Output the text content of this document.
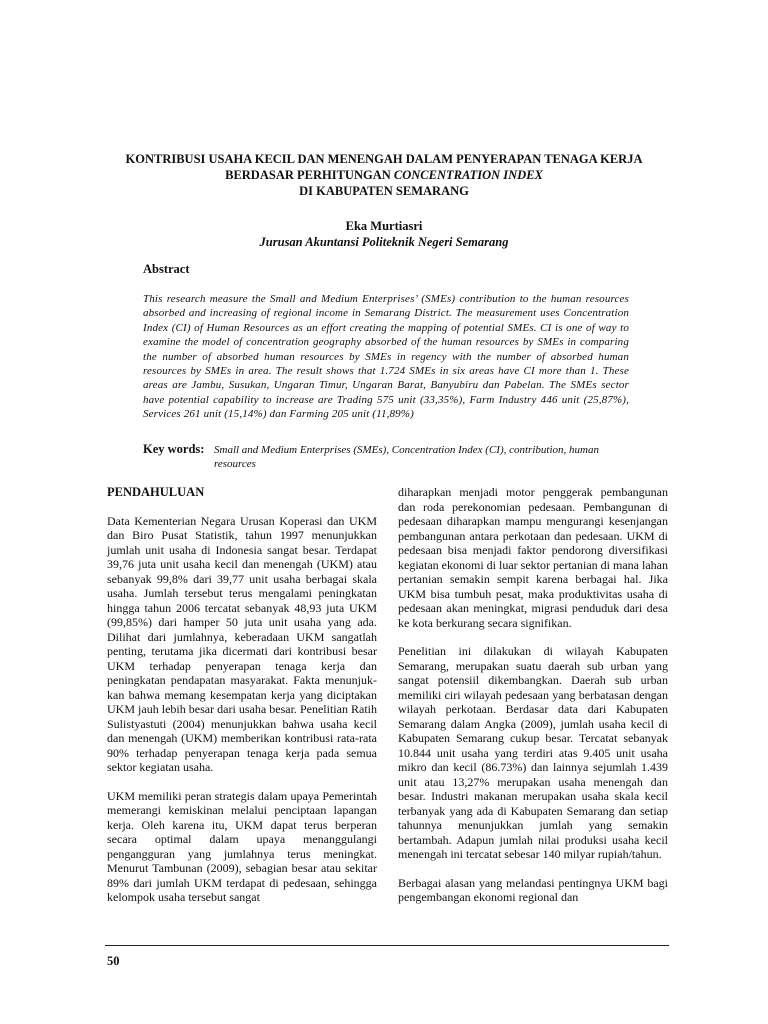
KONTRIBUSI USAHA KECIL DAN MENENGAH DALAM PENYERAPAN TENAGA KERJA
BERDASAR PERHITUNGAN CONCENTRATION INDEX
DI KABUPATEN SEMARANG
Eka Murtiasri
Jurusan Akuntansi Politeknik Negeri Semarang
Abstract
This research measure the Small and Medium Enterprises’ (SMEs) contribution to the human resources absorbed and increasing of regional income in Semarang District. The measurement uses Concentration Index (CI) of Human Resources as an effort creating the mapping of potential SMEs. CI is one of way to examine the model of concentration geography absorbed of the human resources by SMEs in comparing the number of absorbed human resources by SMEs in regency with the number of absorbed human resources by SMEs in area. The result shows that 1.724 SMEs in six areas have CI more than 1. These areas are Jambu, Susukan, Ungaran Timur, Ungaran Barat, Banyubiru dan Pabelan. The SMEs sector have potential capability to increase are Trading 575 unit (33,35%), Farm Industry 446 unit (25,87%), Services 261 unit (15,14%) dan Farming 205 unit (11,89%)
Key words: Small and Medium Enterprises (SMEs), Concentration Index (CI), contribution, human resources
PENDAHULUAN

Data Kementerian Negara Urusan Koperasi dan UKM dan Biro Pusat Statistik, tahun 1997 menunjukkan jumlah unit usaha di Indonesia sangat besar. Terdapat 39,76 juta unit usaha kecil dan menengah (UKM) atau sebanyak 99,8% dari 39,77 unit usaha berbagai skala usaha. Jumlah tersebut terus mengalami peningkatan hingga tahun 2006 tercatat sebanyak 48,93 juta UKM (99,85%) dari hamper 50 juta unit usaha yang ada. Dilihat dari jumlahnya, keberadaan UKM sangatlah penting, terutama jika dicermati dari kontribusi besar UKM terhadap penyerapan tenaga kerja dan peningkatan pendapatan masyarakat. Fakta menunjuk-kan bahwa memang kesempatan kerja yang diciptakan UKM jauh lebih besar dari usaha besar. Penelitian Ratih Sulistyastuti (2004) menunjukkan bahwa usaha kecil dan menengah (UKM) memberikan kontribusi rata-rata 90% terhadap penyerapan tenaga kerja pada semua sektor kegiatan usaha.

UKM memiliki peran strategis dalam upaya Pemerintah memerangi kemiskinan melalui penciptaan lapangan kerja. Oleh karena itu, UKM dapat terus berperan secara optimal dalam upaya menanggulangi pengangguran yang jumlahnya terus meningkat. Menurut Tambunan (2009), sebagian besar atau sekitar 89% dari jumlah UKM terdapat di pedesaan, sehingga kelompok usaha tersebut sangat

diharapkan menjadi motor penggerak pembangunan dan roda perekonomian pedesaan. Pembangunan di pedesaan diharapkan mampu mengurangi kesenjangan pembangunan antara perkotaan dan pedesaan. UKM di pedesaan bisa menjadi faktor pendorong diversifikasi kegiatan ekonomi di luar sektor pertanian di mana lahan pertanian semakin sempit karena berbagai hal. Jika UKM bisa tumbuh pesat, maka produktivitas usaha di pedesaan akan meningkat, migrasi penduduk dari desa ke kota berkurang secara signifikan.

Penelitian ini dilakukan di wilayah Kabupaten Semarang, merupakan suatu daerah sub urban yang sangat potensiil dikembangkan. Daerah sub urban memiliki ciri wilayah pedesaan yang berbatasan dengan wilayah perkotaan. Berdasar data dari Kabupaten Semarang dalam Angka (2009), jumlah usaha kecil di Kabupaten Semarang cukup besar. Tercatat sebanyak 10.844 unit usaha yang terdiri atas 9.405 unit usaha mikro dan kecil (86.73%) dan lainnya sejumlah 1.439 unit atau 13,27% merupakan usaha menengah dan besar. Industri makanan merupakan usaha skala kecil terbanyak yang ada di Kabupaten Semarang dan setiap tahunnya menunjukkan jumlah yang semakin bertambah. Adapun jumlah nilai produksi usaha kecil menengah ini tercatat sebesar 140 milyar rupiah/tahun.

Berbagai alasan yang melandasi pentingnya UKM bagi pengembangan ekonomi regional dan

50
